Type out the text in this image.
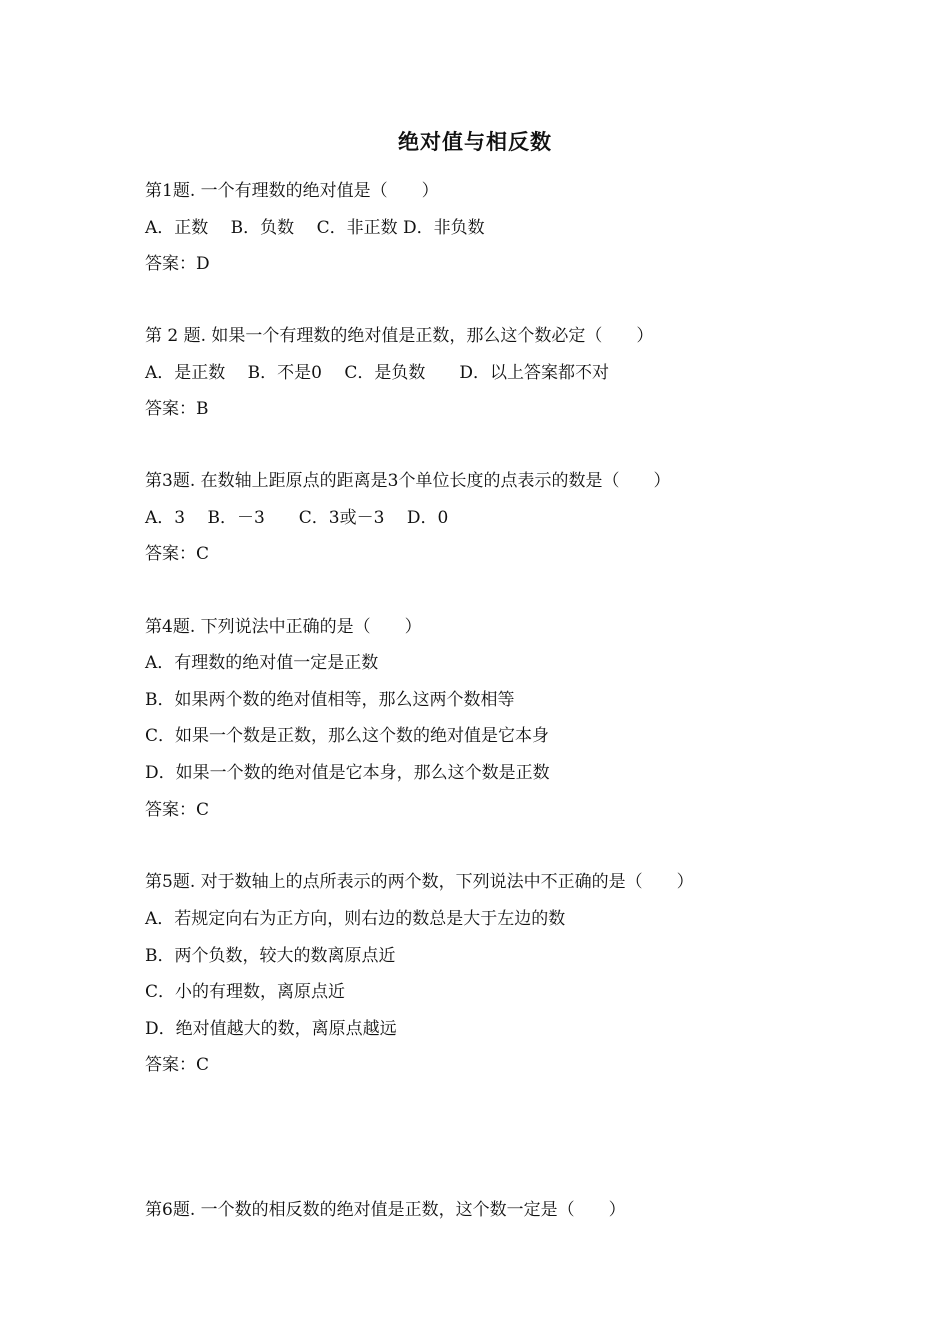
绝对值与相反数
第1题. 一个有理数的绝对值是（　　）
A．正数　 B．负数　 C．非正数 D．非负数
答案：D
第 2 题. 如果一个有理数的绝对值是正数，那么这个数必定（　　）
A．是正数　 B．不是0　 C．是负数　　D．以上答案都不对
答案：B
第3题. 在数轴上距原点的距离是3个单位长度的点表示的数是（　　）
A．3　 B．－3　　C．3或－3　 D．0
答案：C
第4题. 下列说法中正确的是（　　）
A．有理数的绝对值一定是正数
B．如果两个数的绝对值相等，那么这两个数相等
C．如果一个数是正数，那么这个数的绝对值是它本身
D．如果一个数的绝对值是它本身，那么这个数是正数
答案：C
第5题. 对于数轴上的点所表示的两个数，下列说法中不正确的是（　　）
A．若规定向右为正方向，则右边的数总是大于左边的数
B．两个负数，较大的数离原点近
C．小的有理数，离原点近
D．绝对值越大的数，离原点越远
答案：C
第6题. 一个数的相反数的绝对值是正数，这个数一定是（　　）
